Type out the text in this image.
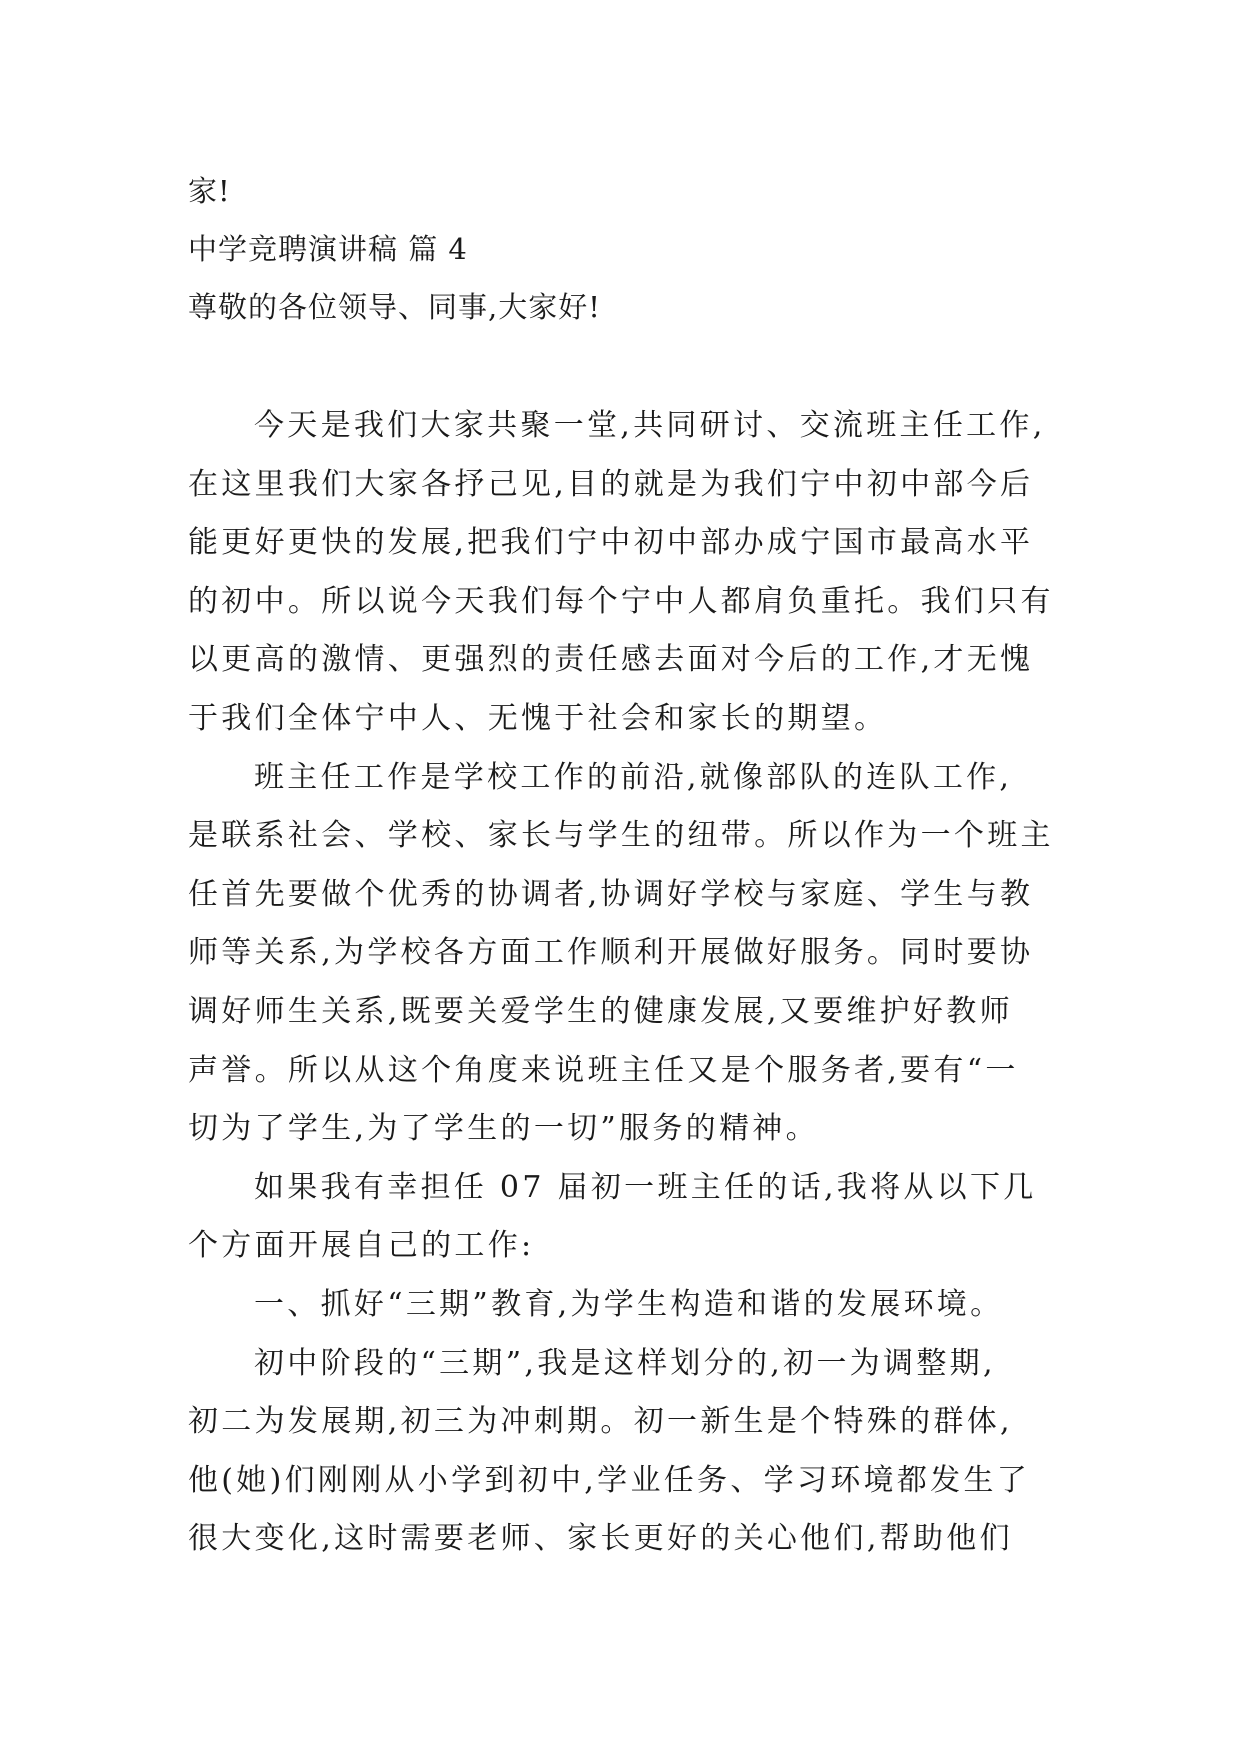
家!
中学竞聘演讲稿 篇 4
尊敬的各位领导、同事,大家好!
今天是我们大家共聚一堂,共同研讨、交流班主任工作,
在这里我们大家各抒己见,目的就是为我们宁中初中部今后
能更好更快的发展,把我们宁中初中部办成宁国市最高水平
的初中。所以说今天我们每个宁中人都肩负重托。我们只有
以更高的激情、更强烈的责任感去面对今后的工作,才无愧
于我们全体宁中人、无愧于社会和家长的期望。
班主任工作是学校工作的前沿,就像部队的连队工作,
是联系社会、学校、家长与学生的纽带。所以作为一个班主
任首先要做个优秀的协调者,协调好学校与家庭、学生与教
师等关系,为学校各方面工作顺利开展做好服务。同时要协
调好师生关系,既要关爱学生的健康发展,又要维护好教师
声誉。所以从这个角度来说班主任又是个服务者,要有“一
切为了学生,为了学生的一切”服务的精神。
如果我有幸担任 07 届初一班主任的话,我将从以下几
个方面开展自己的工作:
一、抓好“三期”教育,为学生构造和谐的发展环境。
初中阶段的“三期”,我是这样划分的,初一为调整期,
初二为发展期,初三为冲刺期。初一新生是个特殊的群体,
他(她)们刚刚从小学到初中,学业任务、学习环境都发生了
很大变化,这时需要老师、家长更好的关心他们,帮助他们
